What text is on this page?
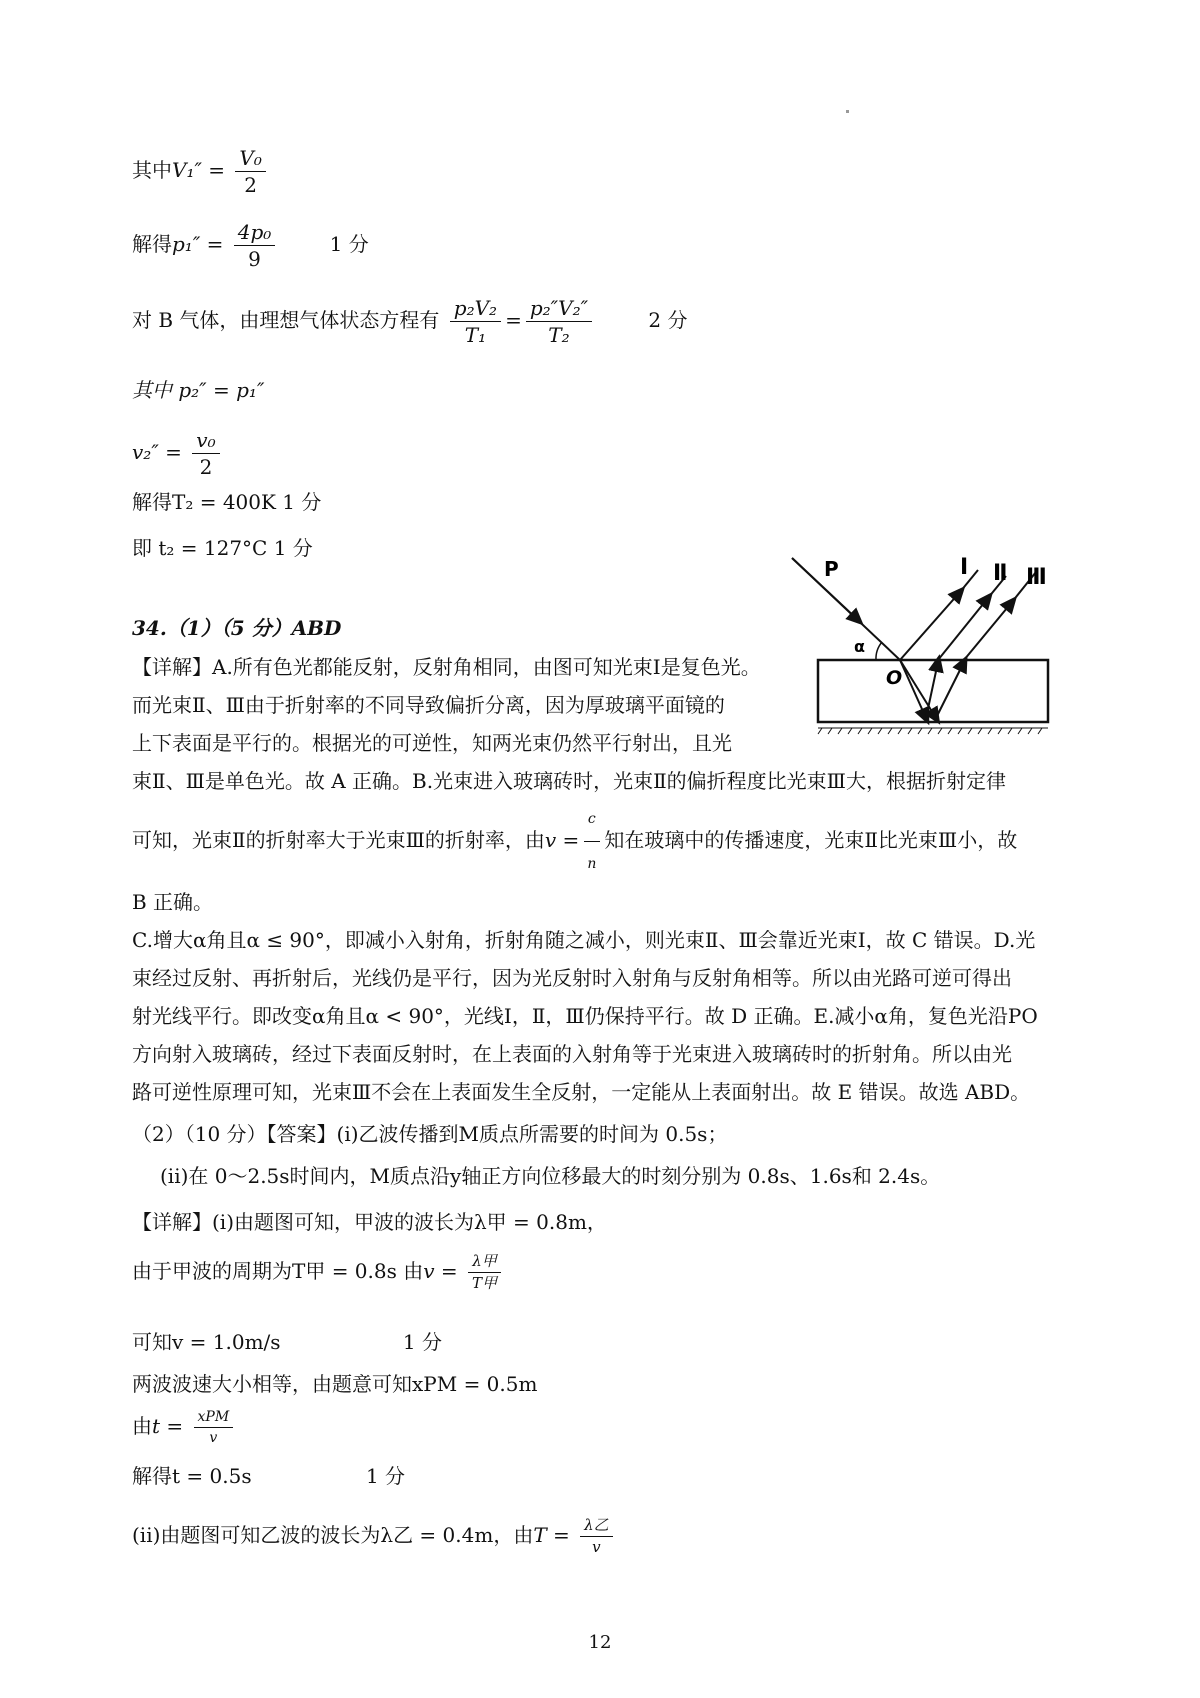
其中$V_1'' = \frac{\text{V₀}}{2}$
解得$p_1'' = \frac{\text{4p₀}}{9}$	1 分
对 B 气体，由理想气体状态方程有 $\frac{\text{p₂V₂}}{\text{T₁}} = \frac{\text{p₂″V₂″}}{\text{T₂}}$	2 分
其中 p₂″ = p₁″
$v_2'' = \frac{\text{v₀}}{2}$
解得T₂ = 400K 1 分
即 t₂ = 127°C 1 分
P
α
O
Ⅰ Ⅱ Ⅲ
34.（1）（5 分）ABD
【详解】A.所有色光都能反射，反射角相同，由图可知光束I是复色光。
而光束Ⅱ、Ⅲ由于折射率的不同导致偏折分离，因为厚玻璃平面镜的
上下表面是平行的。根据光的可逆性，知两光束仍然平行射出，且光
束Ⅱ、Ⅲ是单色光。故 A 正确。B.光束进入玻璃砖时，光束Ⅱ的偏折程度比光束Ⅲ大，根据折射定律
可知，光束Ⅱ的折射率大于光束Ⅲ的折射率，由$v = \frac{c}{n}$ 知在玻璃中的传播速度，光束Ⅱ比光束Ⅲ小，故
B 正确。
C.增大α角且α ≤ 90°，即减小入射角，折射角随之减小，则光束Ⅱ、Ⅲ会靠近光束I，故 C 错误。D.光
束经过反射、再折射后，光线仍是平行，因为光反射时入射角与反射角相等。所以由光路可逆可得出
射光线平行。即改变α角且α < 90°，光线Ⅰ，Ⅱ，Ⅲ仍保持平行。故 D 正确。E.减小α角，复色光沿PO
方向射入玻璃砖，经过下表面反射时，在上表面的入射角等于光束进入玻璃砖时的折射角。所以由光
路可逆性原理可知，光束Ⅲ不会在上表面发生全反射，一定能从上表面射出。故 E 错误。故选 ABD。
（2）（10 分）【答案】(i)乙波传播到M质点所需要的时间为 0.5s；
(ii)在 0～2.5s时间内，M质点沿y轴正方向位移最大的时刻分别为 0.8s、1.6s和 2.4s。
【详解】(i)由题图可知，甲波的波长为λ甲 = 0.8m，
由于甲波的周期为T甲 = 0.8s 由$v = \frac{\text{λ甲}}{\text{T甲}}$
可知v = 1.0m/s	1 分
两波波速大小相等，由题意可知xPM = 0.5m
由$t = \frac{\text{xPM}}{v}$
解得t = 0.5s	1 分
(ii)由题图可知乙波的波长为λ乙 = 0.4m，由$T = \frac{\text{λ乙}}{v}$
12
